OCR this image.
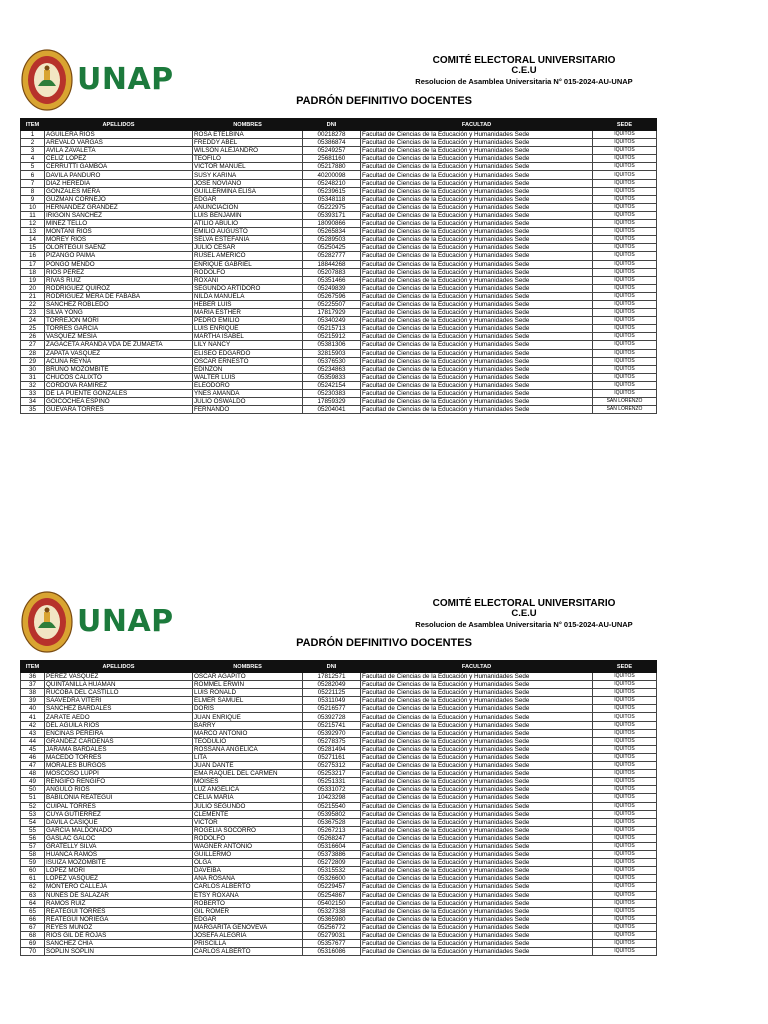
UNAP
COMITÉ ELECTORAL UNIVERSITARIO
C.E.U
Resolucion de Asamblea Universitaria N° 015-2024-AU-UNAP
PADRÓN DEFINITIVO DOCENTES
ITEM	APELLIDOS	NOMBRES	DNI	FACULTAD	SEDE
1	AGUILERA RIOS	ROSA ETELBINA	00218278	Facultad de Ciencias de la Educación y Humanidades Sede	IQUITOS
2	AREVALO VARGAS	FREDDY ABEL	05386874	Facultad de Ciencias de la Educación y Humanidades Sede	IQUITOS
3	AVILA ZAVALETA	WILSON ALEJANDRO	05249257	Facultad de Ciencias de la Educación y Humanidades Sede	IQUITOS
4	CELIZ LOPEZ	TEOFILO	25681160	Facultad de Ciencias de la Educación y Humanidades Sede	IQUITOS
5	CERRUTTI GAMBOA	VICTOR MANUEL	05217880	Facultad de Ciencias de la Educación y Humanidades Sede	IQUITOS
6	DAVILA PANDURO	SUSY KARINA	40200098	Facultad de Ciencias de la Educación y Humanidades Sede	IQUITOS
7	DIAZ HEREDIA	JOSE NOVIANO	05248210	Facultad de Ciencias de la Educación y Humanidades Sede	IQUITOS
8	GONZALES MERA	GUILLERMINA ELISA	05239615	Facultad de Ciencias de la Educación y Humanidades Sede	IQUITOS
9	GUZMAN CORNEJO	EDGAR	05348118	Facultad de Ciencias de la Educación y Humanidades Sede	IQUITOS
10	HERNANDEZ GRANDEZ	ANUNCIACION	05222975	Facultad de Ciencias de la Educación y Humanidades Sede	IQUITOS
11	IRIGOIN SANCHEZ	LUIS BENJAMIN	05393171	Facultad de Ciencias de la Educación y Humanidades Sede	IQUITOS
12	MINEZ TELLO	ATILIO ABULIO	18090866	Facultad de Ciencias de la Educación y Humanidades Sede	IQUITOS
13	MONTANI RIOS	EMILIO AUGUSTO	05265834	Facultad de Ciencias de la Educación y Humanidades Sede	IQUITOS
14	MOREY RIOS	SELVA ESTEFANIA	05289503	Facultad de Ciencias de la Educación y Humanidades Sede	IQUITOS
15	OLORTEGUI SAENZ	JULIO CESAR	05250425	Facultad de Ciencias de la Educación y Humanidades Sede	IQUITOS
16	PIZANGO PAIMA	RUSEL AMERICO	05282777	Facultad de Ciencias de la Educación y Humanidades Sede	IQUITOS
17	PONGO MENDO	ENRIQUE GABRIEL	18844268	Facultad de Ciencias de la Educación y Humanidades Sede	IQUITOS
18	RIOS PEREZ	RODOLFO	05207883	Facultad de Ciencias de la Educación y Humanidades Sede	IQUITOS
19	RIVAS RUIZ	ROXANI	05351466	Facultad de Ciencias de la Educación y Humanidades Sede	IQUITOS
20	RODRIGUEZ QUIROZ	SEGUNDO ARTIDORO	05249839	Facultad de Ciencias de la Educación y Humanidades Sede	IQUITOS
21	RODRIGUEZ MERA DE FABABA	NILDA MANUELA	05267596	Facultad de Ciencias de la Educación y Humanidades Sede	IQUITOS
22	SANCHEZ ROBLEDO	HEBER LUIS	05225507	Facultad de Ciencias de la Educación y Humanidades Sede	IQUITOS
23	SILVA YONG	MARIA ESTHER	17817929	Facultad de Ciencias de la Educación y Humanidades Sede	IQUITOS
24	TORREJON MORI	PEDRO EMILIO	05340249	Facultad de Ciencias de la Educación y Humanidades Sede	IQUITOS
25	TORRES GARCIA	LUIS ENRIQUE	05215713	Facultad de Ciencias de la Educación y Humanidades Sede	IQUITOS
26	VASQUEZ MESIA	MARTHA ISABEL	05215912	Facultad de Ciencias de la Educación y Humanidades Sede	IQUITOS
27	ZAGACETA ARANDA VDA DE ZUMAETA	LILY NANCY	05381306	Facultad de Ciencias de la Educación y Humanidades Sede	IQUITOS
28	ZAPATA VASQUEZ	ELISEO EDGARDO	32815903	Facultad de Ciencias de la Educación y Humanidades Sede	IQUITOS
29	ACUÑA REYNA	OSCAR ERNESTO	05376530	Facultad de Ciencias de la Educación y Humanidades Sede	IQUITOS
30	BRUÑO MOZOMBITE	EDINZON	05234863	Facultad de Ciencias de la Educación y Humanidades Sede	IQUITOS
31	CHUCOS CALIXTO	WALTER LUIS	05359833	Facultad de Ciencias de la Educación y Humanidades Sede	IQUITOS
32	CORDOVA RAMIREZ	ELEODORO	05242154	Facultad de Ciencias de la Educación y Humanidades Sede	IQUITOS
33	DE LA PUENTE GONZALES	YNES AMANDA	05230383	Facultad de Ciencias de la Educación y Humanidades Sede	IQUITOS
34	GOICOCHEA ESPINO	JULIO OSWALDO	17859329	Facultad de Ciencias de la Educación y Humanidades Sede	SAN LORENZO
35	GUEVARA TORRES	FERNANDO	05204041	Facultad de Ciencias de la Educación y Humanidades Sede	SAN LORENZO
UNAP
COMITÉ ELECTORAL UNIVERSITARIO
C.E.U
Resolucion de Asamblea Universitaria N° 015-2024-AU-UNAP
PADRÓN DEFINITIVO DOCENTES
ITEM	APELLIDOS	NOMBRES	DNI	FACULTAD	SEDE
36	PEREZ VASQUEZ	OSCAR AGAPITO	17812571	Facultad de Ciencias de la Educación y Humanidades Sede	IQUITOS
37	QUINTANILLA HUAMAN	ROMMEL ERWIN	05282049	Facultad de Ciencias de la Educación y Humanidades Sede	IQUITOS
38	RUCOBA DEL CASTILLO	LUIS RONALD	05221125	Facultad de Ciencias de la Educación y Humanidades Sede	IQUITOS
39	SAAVEDRA VITERI	ELMER SAMUEL	05311049	Facultad de Ciencias de la Educación y Humanidades Sede	IQUITOS
40	SANCHEZ BARDALES	DORIS	05216577	Facultad de Ciencias de la Educación y Humanidades Sede	IQUITOS
41	ZARATE AEDO	JUAN ENRIQUE	05392728	Facultad de Ciencias de la Educación y Humanidades Sede	IQUITOS
42	DEL AGUILA RIOS	BARRY	05215741	Facultad de Ciencias de la Educación y Humanidades Sede	IQUITOS
43	ENCINAS PEREIRA	MARCO ANTONIO	05392970	Facultad de Ciencias de la Educación y Humanidades Sede	IQUITOS
44	GRANDEZ CARDENAS	TEODULIO	05278375	Facultad de Ciencias de la Educación y Humanidades Sede	IQUITOS
45	JARAMA BARDALES	ROSSANA ANGELICA	05281494	Facultad de Ciencias de la Educación y Humanidades Sede	IQUITOS
46	MACEDO TORRES	LITA	05271161	Facultad de Ciencias de la Educación y Humanidades Sede	IQUITOS
47	MORALES BURGOS	JUAN DANTE	05275312	Facultad de Ciencias de la Educación y Humanidades Sede	IQUITOS
48	MOSCOSO LUPPI	EMA RAQUEL DEL CARMEN	05253217	Facultad de Ciencias de la Educación y Humanidades Sede	IQUITOS
49	RENGIFO RENGIFO	MOISES	05251331	Facultad de Ciencias de la Educación y Humanidades Sede	IQUITOS
50	ANGULO RIOS	LUZ ANGELICA	05331072	Facultad de Ciencias de la Educación y Humanidades Sede	IQUITOS
51	BABILONIA REATEGUI	CELIA MARIA	10423298	Facultad de Ciencias de la Educación y Humanidades Sede	IQUITOS
52	CUIPAL TORRES	JULIO SEGUNDO	05215540	Facultad de Ciencias de la Educación y Humanidades Sede	IQUITOS
53	CUYA GUTIERREZ	CLEMENTE	05395802	Facultad de Ciencias de la Educación y Humanidades Sede	IQUITOS
54	DAVILA CASIQUE	VICTOR	05367528	Facultad de Ciencias de la Educación y Humanidades Sede	IQUITOS
55	GARCIA MALDONADO	ROGELIA SOCORRO	05267213	Facultad de Ciencias de la Educación y Humanidades Sede	IQUITOS
56	GASLAC GALOC	RODOLFO	05268247	Facultad de Ciencias de la Educación y Humanidades Sede	IQUITOS
57	GRATELLY SILVA	WAGNER ANTONIO	05316604	Facultad de Ciencias de la Educación y Humanidades Sede	IQUITOS
58	HUANCA RAMOS	GUILLERMO	05373886	Facultad de Ciencias de la Educación y Humanidades Sede	IQUITOS
59	ISUIZA MOZOMBITE	OLGA	05272809	Facultad de Ciencias de la Educación y Humanidades Sede	IQUITOS
60	LOPEZ MORI	DAVEIBA	05315532	Facultad de Ciencias de la Educación y Humanidades Sede	IQUITOS
61	LOPEZ VASQUEZ	ANA ROSANA	05326600	Facultad de Ciencias de la Educación y Humanidades Sede	IQUITOS
62	MONTERO CALLEJA	CARLOS ALBERTO	05229457	Facultad de Ciencias de la Educación y Humanidades Sede	IQUITOS
63	NUNES DE SALAZAR	ETSY ROXANA	05254867	Facultad de Ciencias de la Educación y Humanidades Sede	IQUITOS
64	RAMOS RUIZ	ROBERTO	05402150	Facultad de Ciencias de la Educación y Humanidades Sede	IQUITOS
65	REATEGUI TORRES	GIL ROMER	05327338	Facultad de Ciencias de la Educación y Humanidades Sede	IQUITOS
66	REATEGUI NORIEGA	EDGAR	05365980	Facultad de Ciencias de la Educación y Humanidades Sede	IQUITOS
67	REYES MUÑOZ	MARGARITA GENOVEVA	05256772	Facultad de Ciencias de la Educación y Humanidades Sede	IQUITOS
68	RIOS GIL DE ROJAS	JOSEFA ALEGRIA	05279031	Facultad de Ciencias de la Educación y Humanidades Sede	IQUITOS
69	SANCHEZ CHIA	PRISCILLA	05357677	Facultad de Ciencias de la Educación y Humanidades Sede	IQUITOS
70	SOPLIN SOPLIN	CARLOS ALBERTO	05316086	Facultad de Ciencias de la Educación y Humanidades Sede	IQUITOS
